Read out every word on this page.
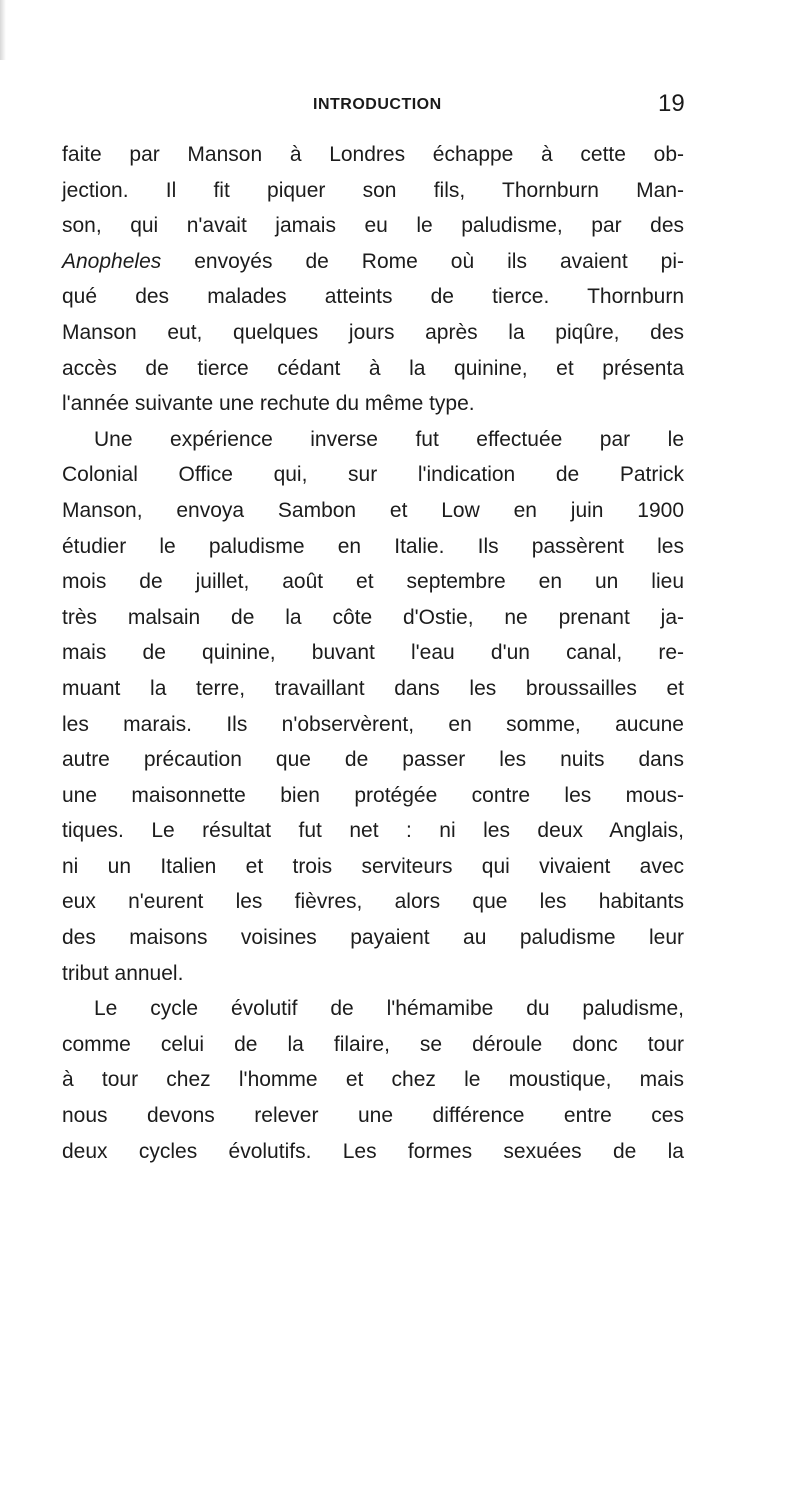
INTRODUCTION	19
faite par Manson à Londres échappe à cette ob-
jection. Il fit piquer son fils, Thornburn Man-
son, qui n'avait jamais eu le paludisme, par des
Anopheles envoyés de Rome où ils avaient pi-
qué des malades atteints de tierce. Thornburn
Manson eut, quelques jours après la piqûre, des
accès de tierce cédant à la quinine, et présenta
l'année suivante une rechute du même type.
Une expérience inverse fut effectuée par le
Colonial Office qui, sur l'indication de Patrick
Manson, envoya Sambon et Low en juin 1900
étudier le paludisme en Italie. Ils passèrent les
mois de juillet, août et septembre en un lieu
très malsain de la côte d'Ostie, ne prenant ja-
mais de quinine, buvant l'eau d'un canal, re-
muant la terre, travaillant dans les broussailles et
les marais. Ils n'observèrent, en somme, aucune
autre précaution que de passer les nuits dans
une maisonnette bien protégée contre les mous-
tiques. Le résultat fut net : ni les deux Anglais,
ni un Italien et trois serviteurs qui vivaient avec
eux n'eurent les fièvres, alors que les habitants
des maisons voisines payaient au paludisme leur
tribut annuel.
Le cycle évolutif de l'hémamibe du paludisme,
comme celui de la filaire, se déroule donc tour
à tour chez l'homme et chez le moustique, mais
nous devons relever une différence entre ces
deux cycles évolutifs. Les formes sexuées de la
